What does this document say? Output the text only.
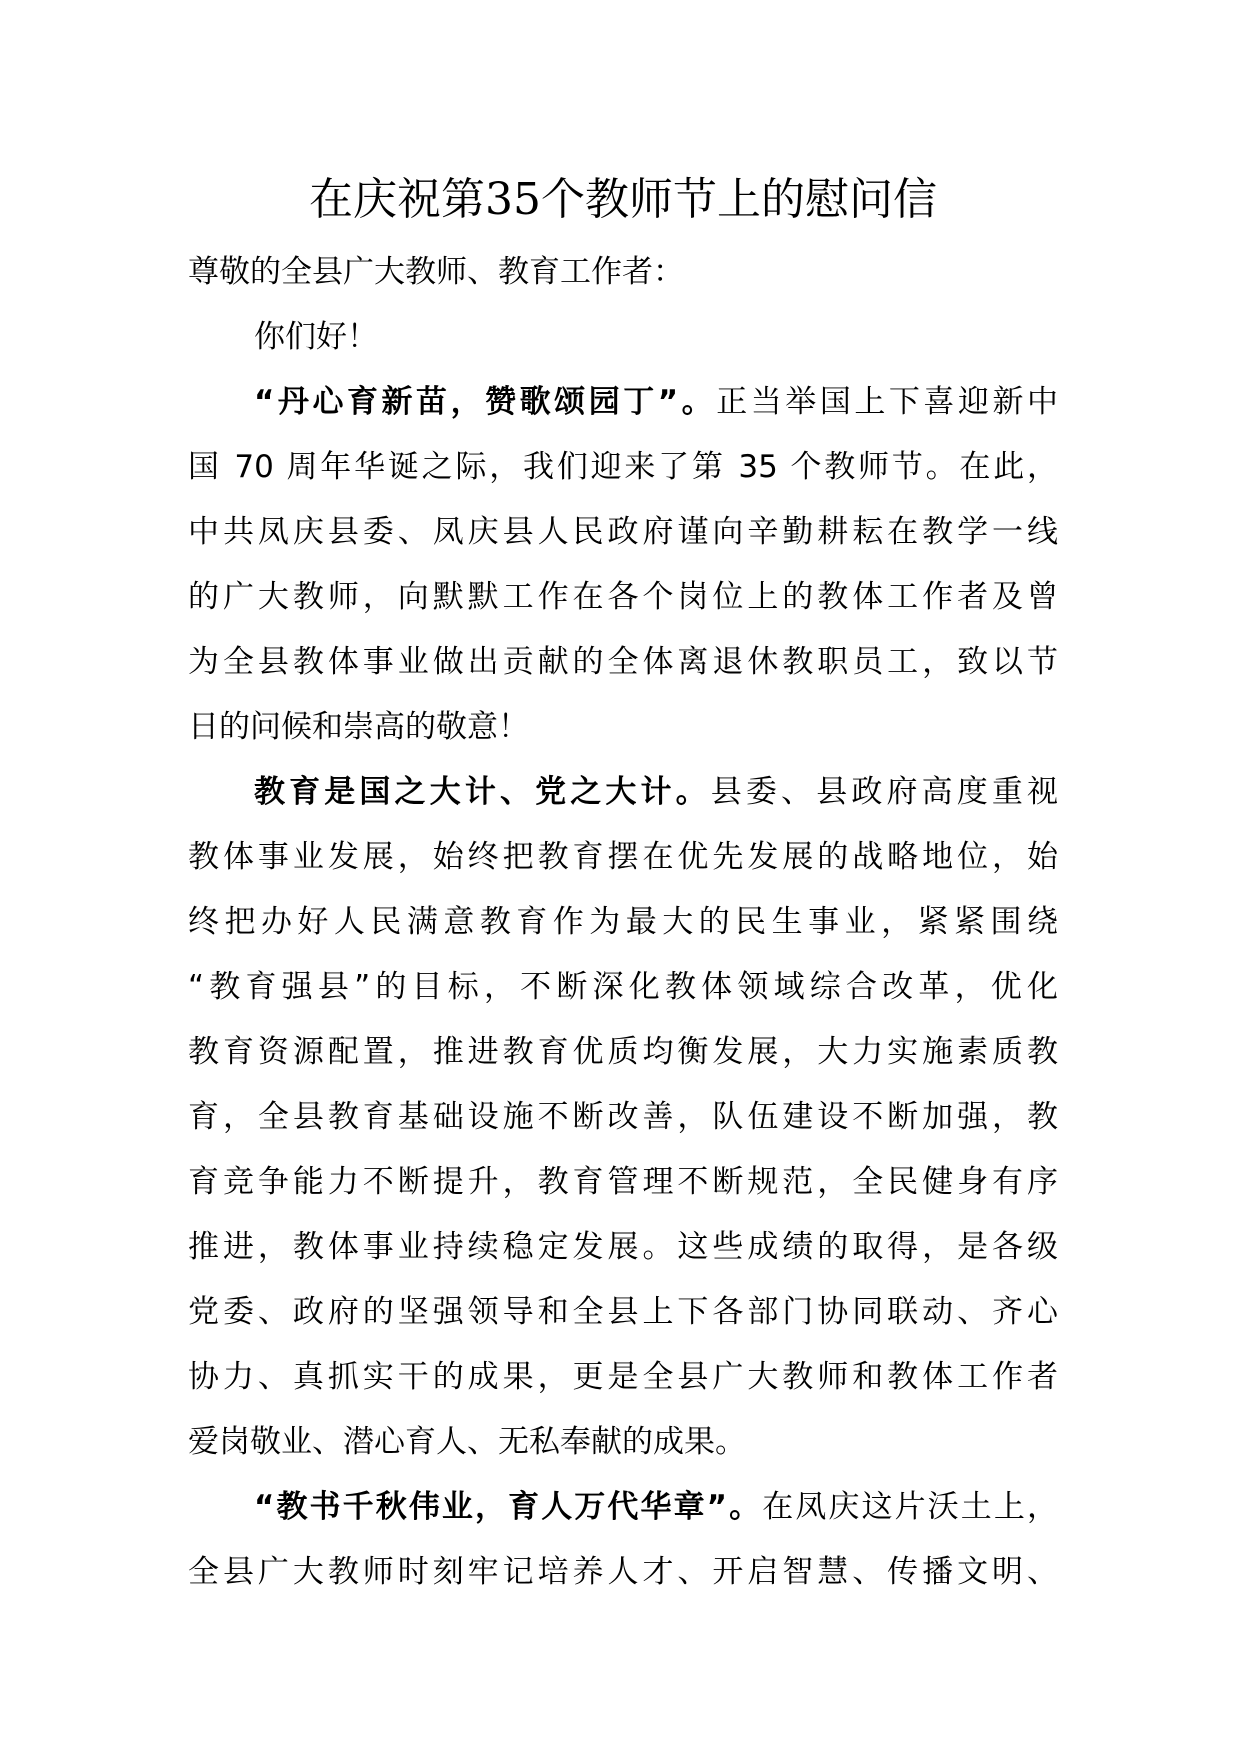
在庆祝第35个教师节上的慰问信
尊敬的全县广大教师、教育工作者：
你们好！
“丹心育新苗，赞歌颂园丁”。正当举国上下喜迎新中
国 70 周年华诞之际，我们迎来了第 35 个教师节。在此，
中共凤庆县委、凤庆县人民政府谨向辛勤耕耘在教学一线
的广大教师，向默默工作在各个岗位上的教体工作者及曾
为全县教体事业做出贡献的全体离退休教职员工，致以节
日的问候和崇高的敬意！
教育是国之大计、党之大计。县委、县政府高度重视
教体事业发展，始终把教育摆在优先发展的战略地位，始
终把办好人民满意教育作为最大的民生事业，紧紧围绕
“教育强县”的目标，不断深化教体领域综合改革，优化
教育资源配置，推进教育优质均衡发展，大力实施素质教
育，全县教育基础设施不断改善，队伍建设不断加强，教
育竞争能力不断提升，教育管理不断规范，全民健身有序
推进，教体事业持续稳定发展。这些成绩的取得，是各级
党委、政府的坚强领导和全县上下各部门协同联动、齐心
协力、真抓实干的成果，更是全县广大教师和教体工作者
爱岗敬业、潜心育人、无私奉献的成果。
“教书千秋伟业，育人万代华章”。在凤庆这片沃土上，
全县广大教师时刻牢记培养人才、开启智慧、传播文明、
